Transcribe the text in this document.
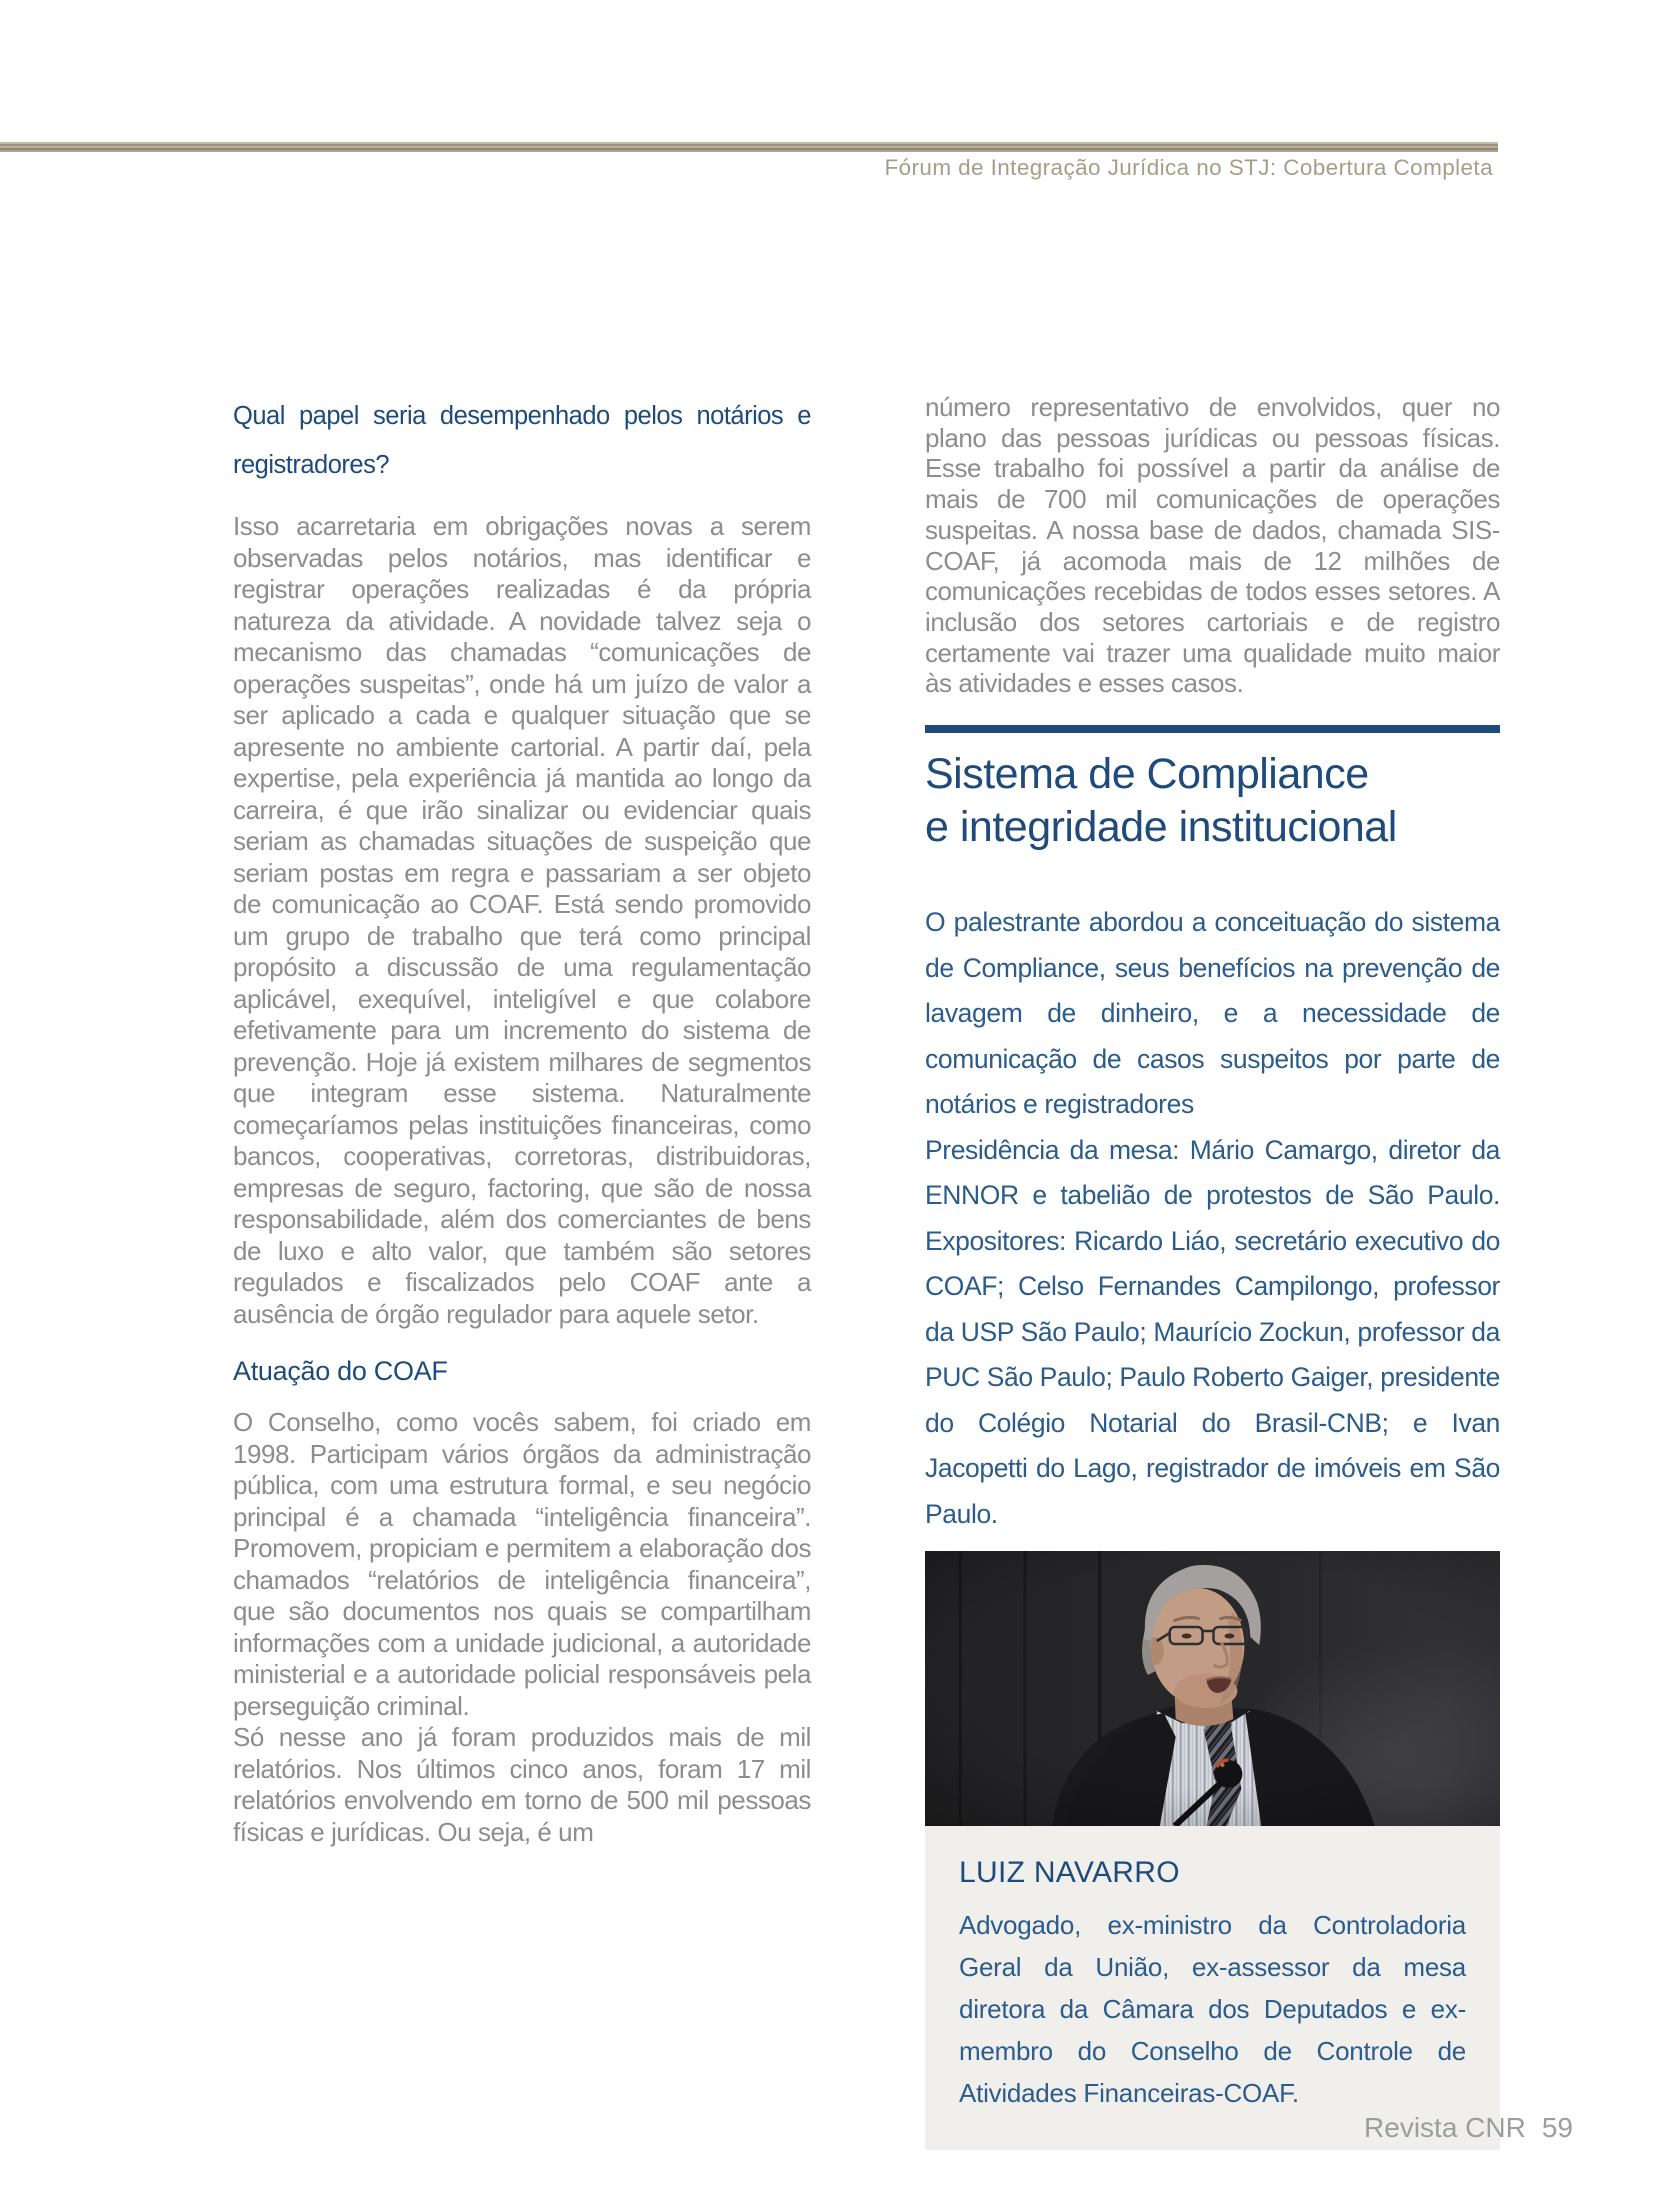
Fórum de Integração Jurídica no STJ: Cobertura Completa
Qual papel seria desempenhado pelos notários e registradores?

Isso acarretaria em obrigações novas a serem observadas pelos notários, mas identificar e registrar operações realizadas é da própria natureza da atividade. A novidade talvez seja o mecanismo das chamadas “comunicações de operações suspeitas”, onde há um juízo de valor a ser aplicado a cada e qualquer situação que se apresente no ambiente cartorial. A partir daí, pela expertise, pela experiência já mantida ao longo da carreira, é que irão sinalizar ou evidenciar quais seriam as chamadas situações de suspeição que seriam postas em regra e passariam a ser objeto de comunicação ao COAF. Está sendo promovido um grupo de trabalho que terá como principal propósito a discussão de uma regulamentação aplicável, exequível, inteligível e que colabore efetivamente para um incremento do sistema de prevenção. Hoje já existem milhares de segmentos que integram esse sistema. Naturalmente começaríamos pelas instituições financeiras, como bancos, cooperativas, corretoras, distribuidoras, empresas de seguro, factoring, que são de nossa responsabilidade, além dos comerciantes de bens de luxo e alto valor, que também são setores regulados e fiscalizados pelo COAF ante a ausência de órgão regulador para aquele setor.

Atuação do COAF

O Conselho, como vocês sabem, foi criado em 1998. Participam vários órgãos da administração pública, com uma estrutura formal, e seu negócio principal é a chamada “inteligência financeira”. Promovem, propiciam e permitem a elaboração dos chamados “relatórios de inteligência financeira”, que são documentos nos quais se compartilham informações com a unidade judicional, a autoridade ministerial e a autoridade policial responsáveis pela perseguição criminal.

Só nesse ano já foram produzidos mais de mil relatórios. Nos últimos cinco anos, foram 17 mil relatórios envolvendo em torno de 500 mil pessoas físicas e jurídicas. Ou seja, é um

número representativo de envolvidos, quer no plano das pessoas jurídicas ou pessoas físicas. Esse trabalho foi possível a partir da análise de mais de 700 mil comunicações de operações suspeitas. A nossa base de dados, chamada SIS-COAF, já acomoda mais de 12 milhões de comunicações recebidas de todos esses setores. A inclusão dos setores cartoriais e de registro certamente vai trazer uma qualidade muito maior às atividades e esses casos.

Sistema de Compliance
e integridade institucional

O palestrante abordou a conceituação do sistema de Compliance, seus benefícios na prevenção de lavagem de dinheiro, e a necessidade de comunicação de casos suspeitos por parte de notários e registradores

Presidência da mesa: Mário Camargo, diretor da ENNOR e tabelião de protestos de São Paulo. Expositores: Ricardo Liáo, secretário executivo do COAF; Celso Fernandes Campilongo, professor da USP São Paulo; Maurício Zockun, professor da PUC São Paulo; Paulo Roberto Gaiger, presidente do Colégio Notarial do Brasil-CNB; e Ivan Jacopetti do Lago, registrador de imóveis em São Paulo.

LUIZ NAVARRO

Advogado, ex-ministro da Controladoria Geral da União, ex-assessor da mesa diretora da Câmara dos Deputados e ex-membro do Conselho de Controle de Atividades Financeiras-COAF.

Revista CNR 59
